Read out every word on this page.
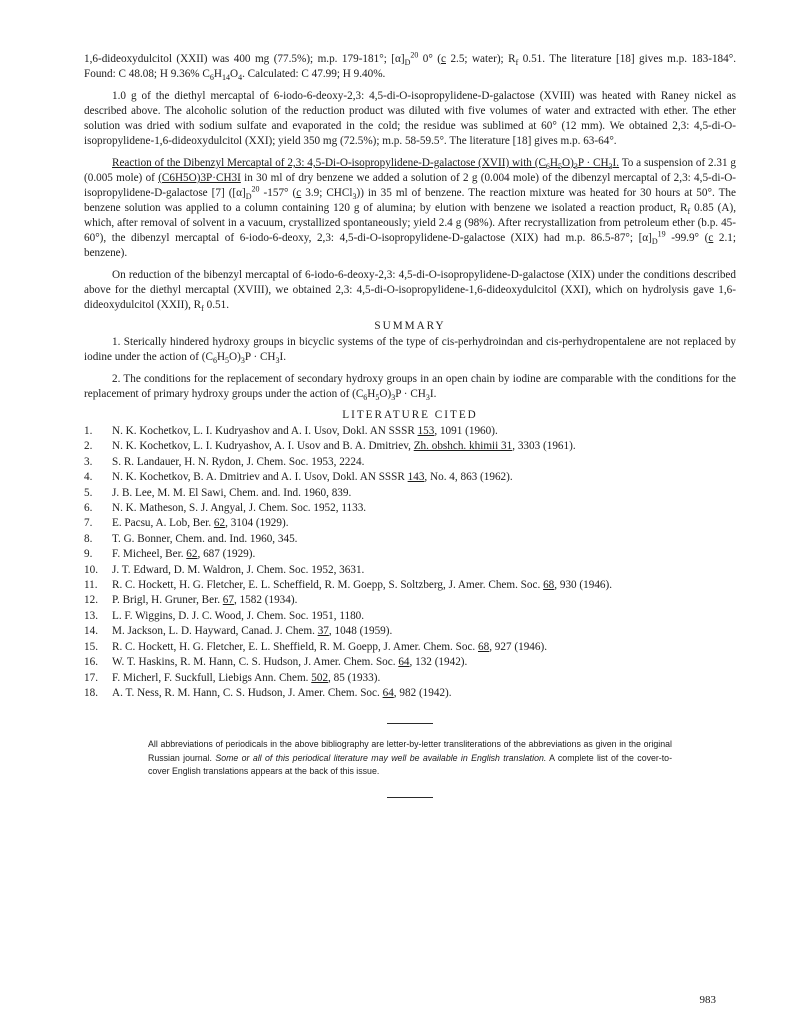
1,6-dideoxydulcitol (XXII) was 400 mg (77.5%); m.p. 179-181°; $[\alpha]_D^{20}$ 0° (c 2.5; water); $R_f$ 0.51. The literature [18] gives m.p. 183-184°. Found: C 48.08; H 9.36% $C_6H_{14}O_4$. Calculated: C 47.99; H 9.40%.

1.0 g of the diethyl mercaptal of 6-iodo-6-deoxy-2,3: 4,5-di-O-isopropylidene-D-galactose (XVIII) was heated with Raney nickel as described above. The alcoholic solution of the reduction product was diluted with five volumes of water and extracted with ether. The ether solution was dried with sodium sulfate and evaporated in the cold; the residue was sublimed at 60° (12 mm). We obtained 2,3: 4,5-di-O-isopropylidene-1,6-dideoxydulcitol (XXI); yield 350 mg (72.5%); m.p. 58-59.5°. The literature [18] gives m.p. 63-64°.

Reaction of the Dibenzyl Mercaptal of 2,3: 4,5-Di-O-isopropylidene-D-galactose (XVII) with $(C_6H_5O)_3P \cdot CH_3I$. To a suspension of 2.31 g (0.005 mole) of (C6H5O)3P·CH3I in 30 ml of dry benzene we added a solution of 2 g (0.004 mole) of the dibenzyl mercaptal of 2,3: 4,5-di-O-isopropylidene-D-galactose [7] ($[\alpha]_D^{20}$ -157° (c 3.9; CHCl$_3$)) in 35 ml of benzene. The reaction mixture was heated for 30 hours at 50°. The benzene solution was applied to a column containing 120 g of alumina; by elution with benzene we isolated a reaction product, $R_f$ 0.85 (A), which, after removal of solvent in a vacuum, crystallized spontaneously; yield 2.4 g (98%). After recrystallization from petroleum ether (b.p. 45-60°), the dibenzyl mercaptal of 6-iodo-6-deoxy, 2,3: 4,5-di-O-isopropylidene-D-galactose (XIX) had m.p. 86.5-87°; $[\alpha]_D^{19}$ -99.9° (c 2.1; benzene).

On reduction of the bibenzyl mercaptal of 6-iodo-6-deoxy-2,3: 4,5-di-O-isopropylidene-D-galactose (XIX) under the conditions described above for the diethyl mercaptal (XVIII), we obtained 2,3: 4,5-di-O-isopropylidene-1,6-dideoxydulcitol (XXI), which on hydrolysis gave 1,6-dideoxydulcitol (XXII), $R_f$ 0.51.

SUMMARY

1. Sterically hindered hydroxy groups in bicyclic systems of the type of cis-perhydroindan and cis-perhydropentalene are not replaced by iodine under the action of $(C_6H_5O)_3P \cdot CH_3I$.

2. The conditions for the replacement of secondary hydroxy groups in an open chain by iodine are comparable with the conditions for the replacement of primary hydroxy groups under the action of $(C_6H_5O)_3P \cdot CH_3I$.

LITERATURE CITED
1.	N. K. Kochetkov, L. I. Kudryashov and A. I. Usov, Dokl. AN SSSR 153, 1091 (1960).
2.	N. K. Kochetkov, L. I. Kudryashov, A. I. Usov and B. A. Dmitriev, Zh. obshch. khimii 31, 3303 (1961).
3.	S. R. Landauer, H. N. Rydon, J. Chem. Soc. 1953, 2224.
4.	N. K. Kochetkov, B. A. Dmitriev and A. I. Usov, Dokl. AN SSSR 143, No. 4, 863 (1962).
5.	J. B. Lee, M. M. El Sawi, Chem. and. Ind. 1960, 839.
6.	N. K. Matheson, S. J. Angyal, J. Chem. Soc. 1952, 1133.
7.	E. Pacsu, A. Lob, Ber. 62, 3104 (1929).
8.	T. G. Bonner, Chem. and. Ind. 1960, 345.
9.	F. Micheel, Ber. 62, 687 (1929).
10.	J. T. Edward, D. M. Waldron, J. Chem. Soc. 1952, 3631.
11.	R. C. Hockett, H. G. Fletcher, E. L. Scheffield, R. M. Goepp, S. Soltzberg, J. Amer. Chem. Soc. 68, 930 (1946).
12.	P. Brigl, H. Gruner, Ber. 67, 1582 (1934).
13.	L. F. Wiggins, D. J. C. Wood, J. Chem. Soc. 1951, 1180.
14.	M. Jackson, L. D. Hayward, Canad. J. Chem. 37, 1048 (1959).
15.	R. C. Hockett, H. G. Fletcher, E. L. Sheffield, R. M. Goepp, J. Amer. Chem. Soc. 68, 927 (1946).
16.	W. T. Haskins, R. M. Hann, C. S. Hudson, J. Amer. Chem. Soc. 64, 132 (1942).
17.	F. Micherl, F. Suckfull, Liebigs Ann. Chem. 502, 85 (1933).
18.	A. T. Ness, R. M. Hann, C. S. Hudson, J. Amer. Chem. Soc. 64, 982 (1942).
All abbreviations of periodicals in the above bibliography are letter-by-letter transliterations of the abbreviations as given in the original Russian journal. Some or all of this periodical literature may well be available in English translation. A complete list of the cover-to-cover English translations appears at the back of this issue.
983
